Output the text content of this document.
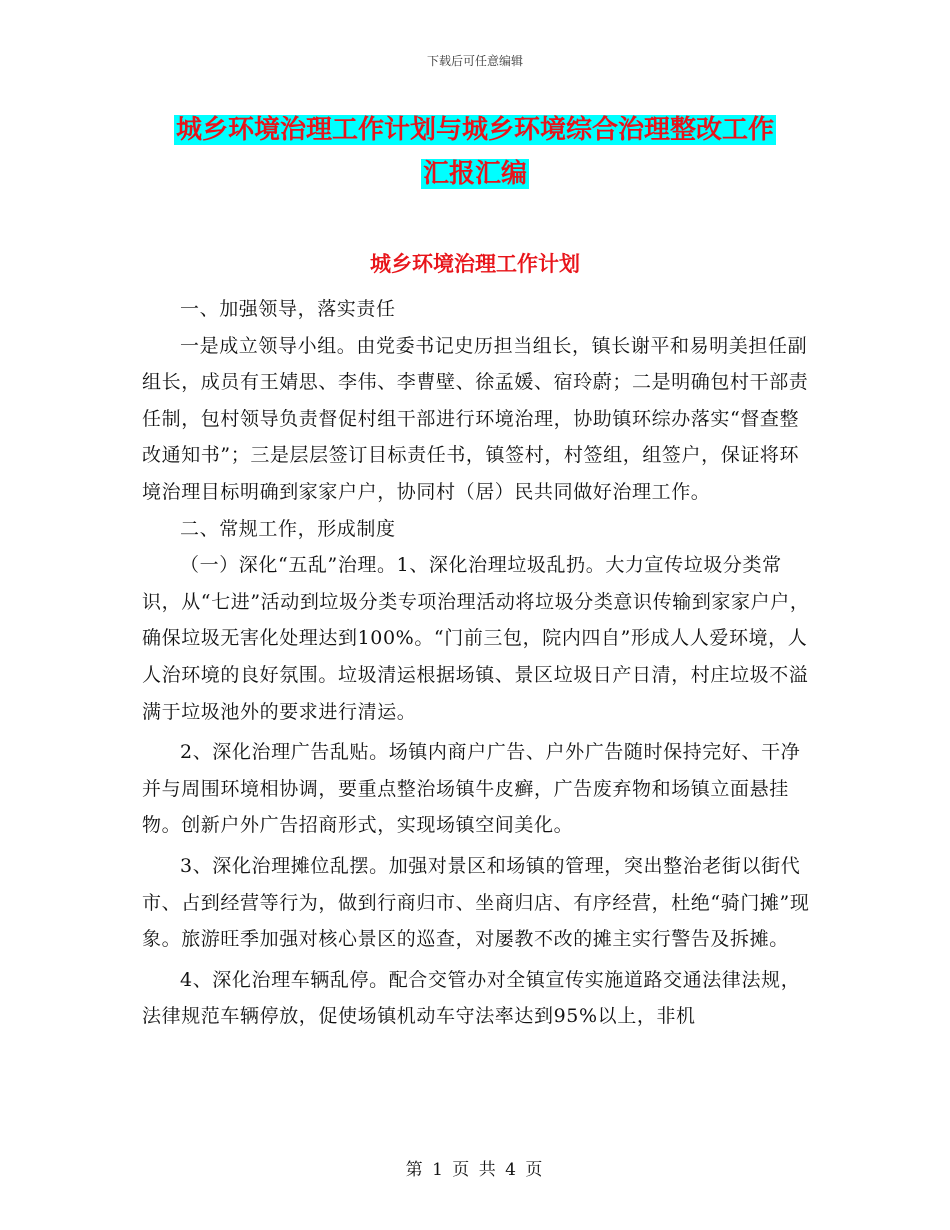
下载后可任意编辑
城乡环境治理工作计划与城乡环境综合治理整改工作
汇报汇编
城乡环境治理工作计划

一、加强领导，落实责任

一是成立领导小组。由党委书记史历担当组长，镇长谢平和易明美担任副组长，成员有王婧思、李伟、李曹壁、徐孟媛、宿玲蔚；二是明确包村干部责任制，包村领导负责督促村组干部进行环境治理，协助镇环综办落实“督查整改通知书”；三是层层签订目标责任书，镇签村，村签组，组签户，保证将环境治理目标明确到家家户户，协同村（居）民共同做好治理工作。

二、常规工作，形成制度

（一）深化“五乱”治理。1、深化治理垃圾乱扔。大力宣传垃圾分类常识，从“七进”活动到垃圾分类专项治理活动将垃圾分类意识传输到家家户户，确保垃圾无害化处理达到100%。“门前三包，院内四自”形成人人爱环境，人人治环境的良好氛围。垃圾清运根据场镇、景区垃圾日产日清，村庄垃圾不溢满于垃圾池外的要求进行清运。

2、深化治理广告乱贴。场镇内商户广告、户外广告随时保持完好、干净并与周围环境相协调，要重点整治场镇牛皮癣，广告废弃物和场镇立面悬挂物。创新户外广告招商形式，实现场镇空间美化。

3、深化治理摊位乱摆。加强对景区和场镇的管理，突出整治老街以街代市、占到经营等行为，做到行商归市、坐商归店、有序经营，杜绝“骑门摊”现象。旅游旺季加强对核心景区的巡查，对屡教不改的摊主实行警告及拆摊。

4、深化治理车辆乱停。配合交管办对全镇宣传实施道路交通法律法规，法律规范车辆停放，促使场镇机动车守法率达到95%以上，非机

第 1 页 共 4 页
